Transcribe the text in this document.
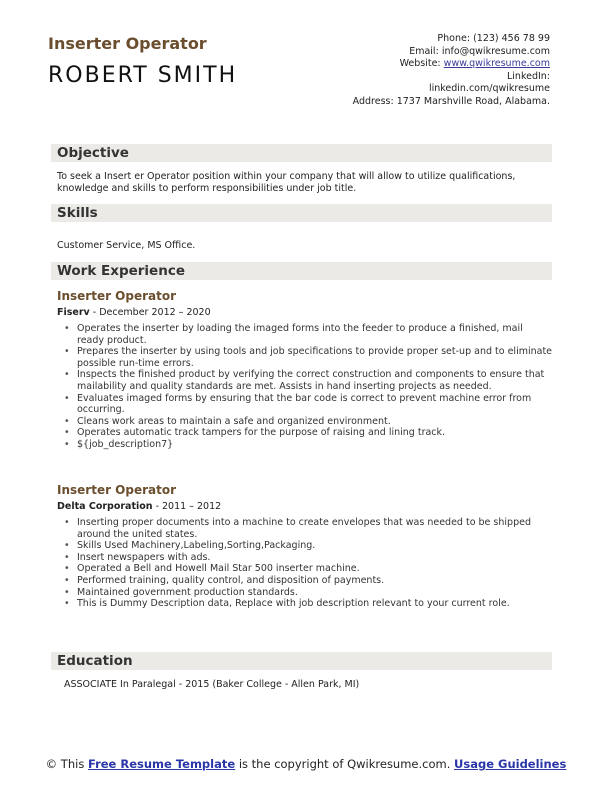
Inserter Operator
ROBERT SMITH
Phone: (123) 456 78 99
Email: info@qwikresume.com
Website: www.qwikresume.com
LinkedIn:
linkedin.com/qwikresume
Address: 1737 Marshville Road, Alabama.
Objective
To seek a Insert er Operator position within your company that will allow to utilize qualifications, knowledge and skills to perform responsibilities under job title.
Skills
Customer Service, MS Office.
Work Experience
Inserter Operator
Fiserv - December 2012 – 2020
• Operates the inserter by loading the imaged forms into the feeder to produce a finished, mail ready product.
• Prepares the inserter by using tools and job specifications to provide proper set-up and to eliminate possible run-time errors.
• Inspects the finished product by verifying the correct construction and components to ensure that mailability and quality standards are met. Assists in hand inserting projects as needed.
• Evaluates imaged forms by ensuring that the bar code is correct to prevent machine error from occurring.
• Cleans work areas to maintain a safe and organized environment.
• Operates automatic track tampers for the purpose of raising and lining track.
• ${job_description7}
Inserter Operator
Delta Corporation - 2011 – 2012
• Inserting proper documents into a machine to create envelopes that was needed to be shipped around the united states.
• Skills Used Machinery,Labeling,Sorting,Packaging.
• Insert newspapers with ads.
• Operated a Bell and Howell Mail Star 500 inserter machine.
• Performed training, quality control, and disposition of payments.
• Maintained government production standards.
• This is Dummy Description data, Replace with job description relevant to your current role.
Education
ASSOCIATE In Paralegal - 2015 (Baker College - Allen Park, MI)
© This Free Resume Template is the copyright of Qwikresume.com. Usage Guidelines
